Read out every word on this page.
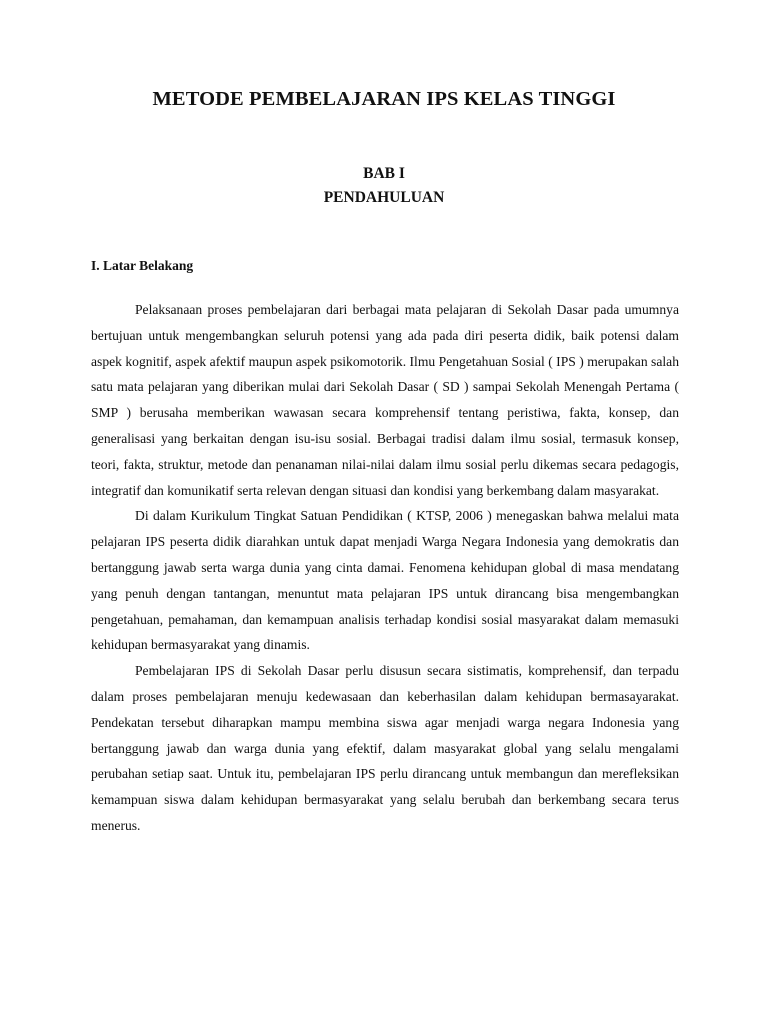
METODE PEMBELAJARAN IPS KELAS TINGGI
BAB I
PENDAHULUAN
I. Latar Belakang

Pelaksanaan proses pembelajaran dari berbagai mata pelajaran di Sekolah Dasar pada umumnya bertujuan untuk mengembangkan seluruh potensi yang ada pada diri peserta didik, baik potensi dalam aspek kognitif, aspek afektif maupun aspek psikomotorik. Ilmu Pengetahuan Sosial ( IPS ) merupakan salah satu mata pelajaran yang diberikan mulai dari Sekolah Dasar ( SD ) sampai Sekolah Menengah Pertama ( SMP ) berusaha memberikan wawasan secara komprehensif tentang peristiwa, fakta, konsep, dan generalisasi yang berkaitan dengan isu-isu sosial. Berbagai tradisi dalam ilmu sosial, termasuk konsep, teori, fakta, struktur, metode dan penanaman nilai-nilai dalam ilmu sosial perlu dikemas secara pedagogis, integratif dan komunikatif serta relevan dengan situasi dan kondisi yang berkembang dalam masyarakat.

Di dalam Kurikulum Tingkat Satuan Pendidikan ( KTSP, 2006 ) menegaskan bahwa melalui mata pelajaran IPS peserta didik diarahkan untuk dapat menjadi Warga Negara Indonesia yang demokratis dan bertanggung jawab serta warga dunia yang cinta damai. Fenomena kehidupan global di masa mendatang yang penuh dengan tantangan, menuntut mata pelajaran IPS untuk dirancang bisa mengembangkan pengetahuan, pemahaman, dan kemampuan analisis terhadap kondisi sosial masyarakat dalam memasuki kehidupan bermasyarakat yang dinamis.

Pembelajaran IPS di Sekolah Dasar perlu disusun secara sistimatis, komprehensif, dan terpadu dalam proses pembelajaran menuju kedewasaan dan keberhasilan dalam kehidupan bermasayarakat. Pendekatan tersebut diharapkan mampu membina siswa agar menjadi warga negara Indonesia yang bertanggung jawab dan warga dunia yang efektif, dalam masyarakat global yang selalu mengalami perubahan setiap saat. Untuk itu, pembelajaran IPS perlu dirancang untuk membangun dan merefleksikan kemampuan siswa dalam kehidupan bermasyarakat yang selalu berubah dan berkembang secara terus menerus.
